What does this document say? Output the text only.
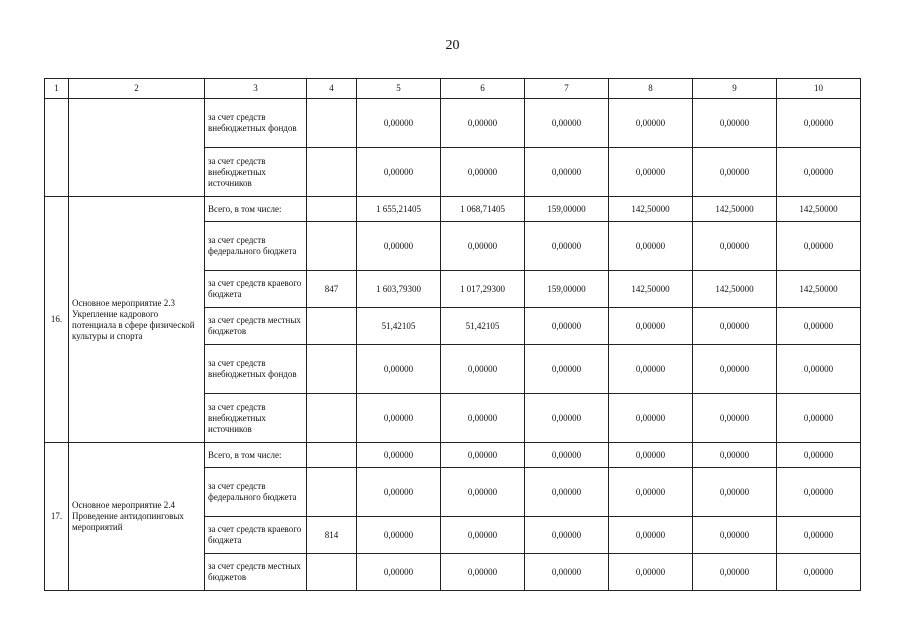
20
1	2	3	4	5	6	7	8	9	10
		за счет средств внебюджетных фондов		0,00000	0,00000	0,00000	0,00000	0,00000	0,00000
		за счет средств внебюджетных источников		0,00000	0,00000	0,00000	0,00000	0,00000	0,00000
16.	Основное мероприятие 2.3 Укрепление кадрового потенциала в сфере физической культуры и спорта	Всего, в том числе:		1 655,21405	1 068,71405	159,00000	142,50000	142,50000	142,50000
		за счет средств федерального бюджета		0,00000	0,00000	0,00000	0,00000	0,00000	0,00000
		за счет средств краевого бюджета	847	1 603,79300	1 017,29300	159,00000	142,50000	142,50000	142,50000
		за счет средств местных бюджетов		51,42105	51,42105	0,00000	0,00000	0,00000	0,00000
		за счет средств внебюджетных фондов		0,00000	0,00000	0,00000	0,00000	0,00000	0,00000
		за счет средств внебюджетных источников		0,00000	0,00000	0,00000	0,00000	0,00000	0,00000
17.	Основное мероприятие 2.4 Проведение антидопинговых мероприятий	Всего, в том числе:		0,00000	0,00000	0,00000	0,00000	0,00000	0,00000
		за счет средств федерального бюджета		0,00000	0,00000	0,00000	0,00000	0,00000	0,00000
		за счет средств краевого бюджета	814	0,00000	0,00000	0,00000	0,00000	0,00000	0,00000
		за счет средств местных бюджетов		0,00000	0,00000	0,00000	0,00000	0,00000	0,00000
